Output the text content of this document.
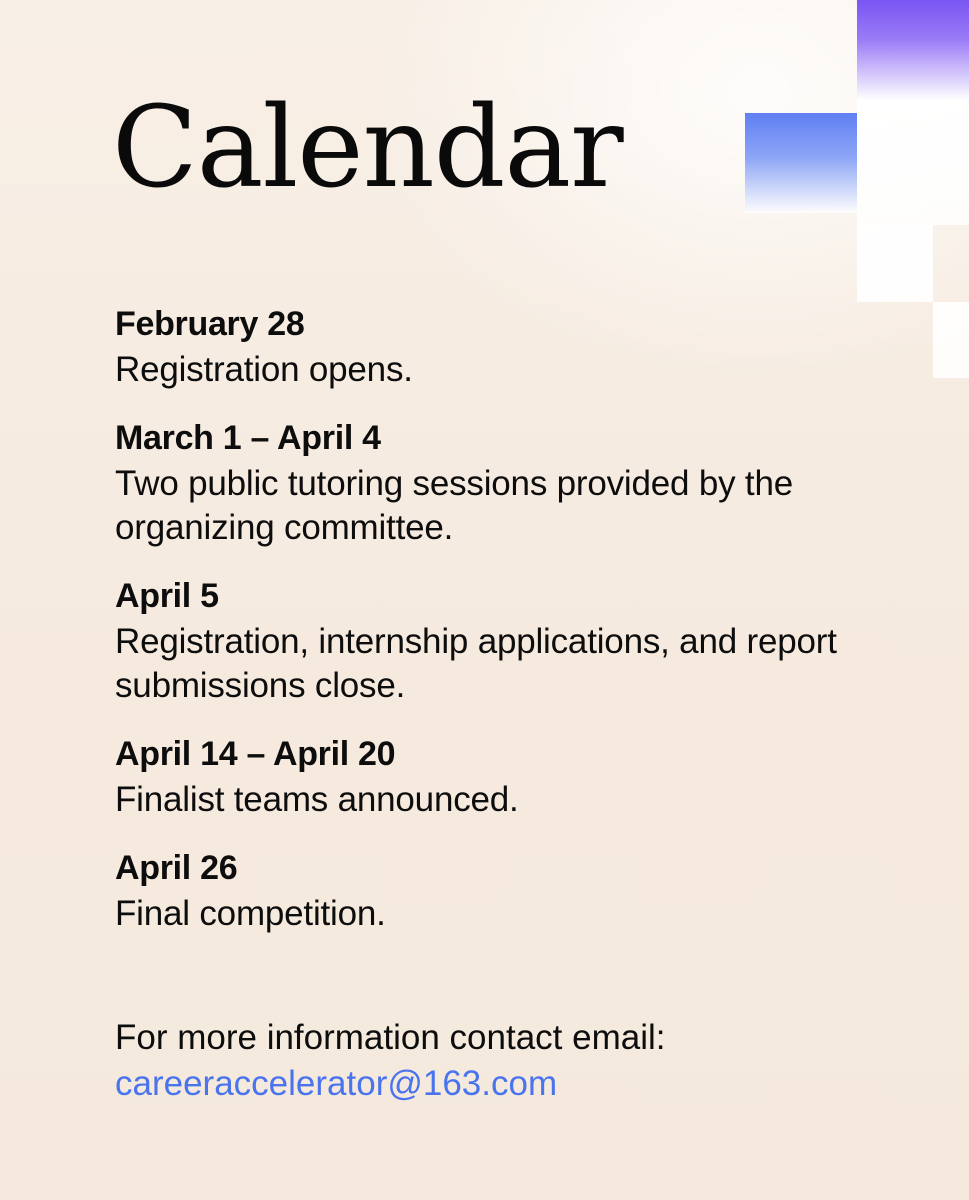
Calendar
February 28

Registration opens.

March 1 – April 4

Two public tutoring sessions provided by the organizing committee.

April 5

Registration, internship applications, and report submissions close.

April 14 – April 20

Finalist teams announced.

April 26

Final competition.

For more information contact email:

careeraccelerator@163.com
